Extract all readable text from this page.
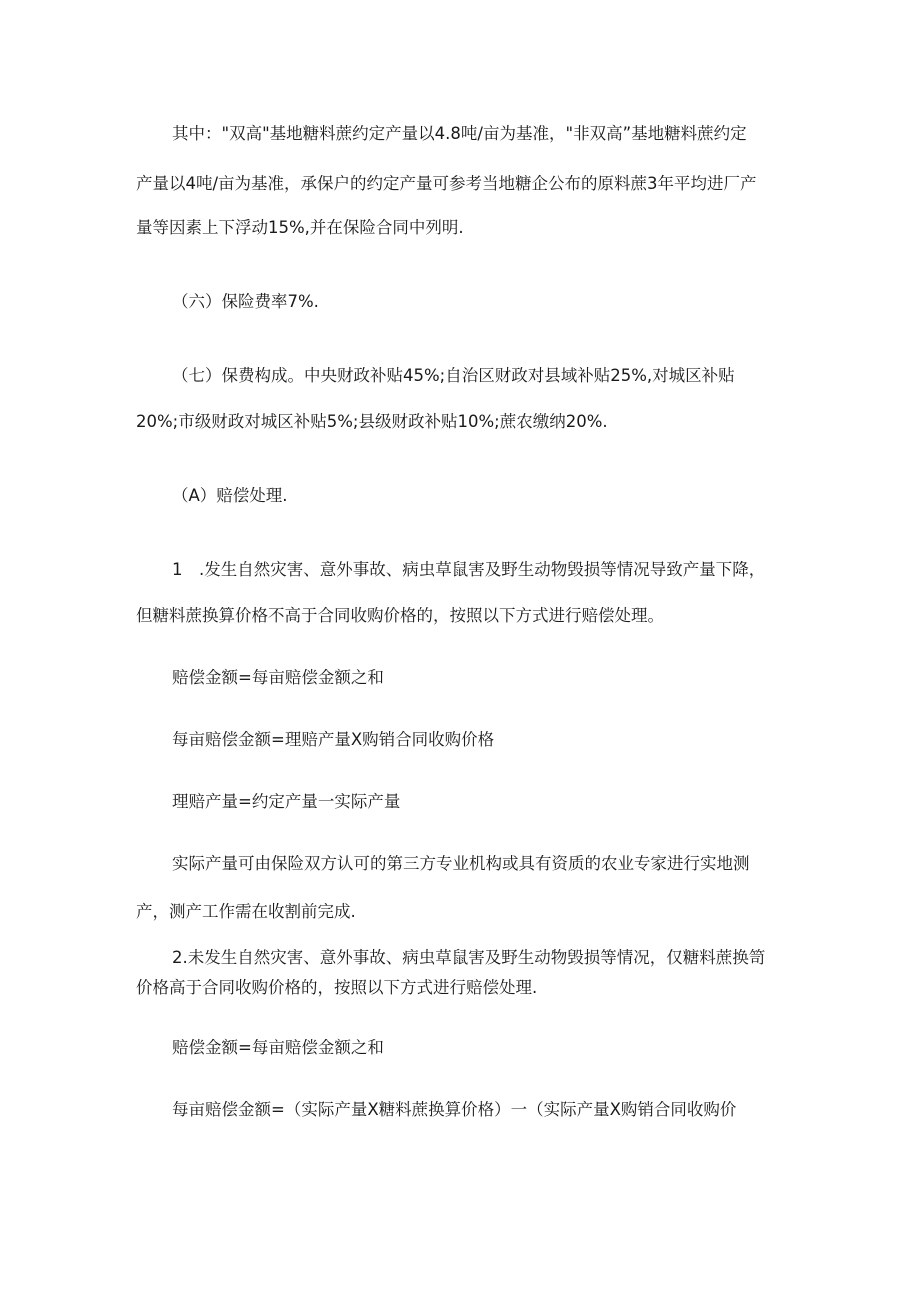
其中："双高"基地糖料蔗约定产量以4.8吨/亩为基准，"非双高”基地糖料蔗约定
产量以4吨/亩为基准，承保户的约定产量可参考当地糖企公布的原料蔗3年平均进厂产
量等因素上下浮动15%,并在保险合同中列明.
（六）保险费率7%.
（七）保费构成。中央财政补贴45%;自治区财政对县域补贴25%,对城区补贴
20%;市级财政对城区补贴5%;县级财政补贴10%;蔗农缴纳20%.
（A）赔偿处理.
1　.发生自然灾害、意外事故、病虫草鼠害及野生动物毁损等情况导致产量下降，
但糖料蔗换算价格不高于合同收购价格的，按照以下方式进行赔偿处理。
赔偿金额=每亩赔偿金额之和
每亩赔偿金额=理赔产量X购销合同收购价格
理赔产量=约定产量一实际产量
实际产量可由保险双方认可的第三方专业机构或具有资质的农业专家进行实地测
产，测产工作需在收割前完成.
2.未发生自然灾害、意外事故、病虫草鼠害及野生动物毁损等情况，仅糖料蔗换笥
价格高于合同收购价格的，按照以下方式进行赔偿处理.
赔偿金额=每亩赔偿金额之和
每亩赔偿金额=（实际产量X糖料蔗换算价格）一（实际产量X购销合同收购价
